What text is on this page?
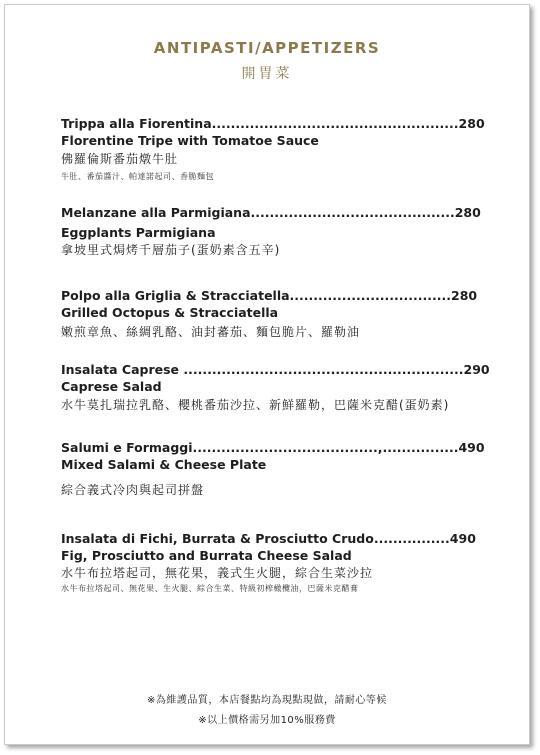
ANTIPASTI/APPETIZERS
開胃菜
Trippa alla Fiorentina....................................................280
Florentine Tripe with Tomatoe Sauce
佛羅倫斯番茄燉牛肚
牛肚、番茄醬汁、帕達諾起司、香脆麵包
Melanzane alla Parmigiana...........................................280
Eggplants Parmigiana
拿坡里式焗烤千層茄子(蛋奶素含五辛)
Polpo alla Griglia & Stracciatella..................................280
Grilled Octopus & Stracciatella
嫩煎章魚、絲綢乳酪、油封蕃茄、麵包脆片、羅勒油
Insalata Caprese ...........................................................290
Caprese Salad
水牛莫扎瑞拉乳酪、櫻桃番茄沙拉、新鮮羅勒，巴薩米克醋(蛋奶素)
Salumi e Formaggi.......................................,................490
Mixed Salami & Cheese Plate
綜合義式冷肉與起司拼盤
Insalata di Fichi, Burrata & Prosciutto Crudo................490
Fig, Prosciutto and Burrata Cheese Salad
水牛布拉塔起司，無花果，義式生火腿，綜合生菜沙拉
水牛布拉塔起司、無花果、生火腿、綜合生菜、特級初榨橄欖油，巴薩米克醋膏
※為維護品質，本店餐點均為現點現做，請耐心等候
※以上價格需另加10%服務費
